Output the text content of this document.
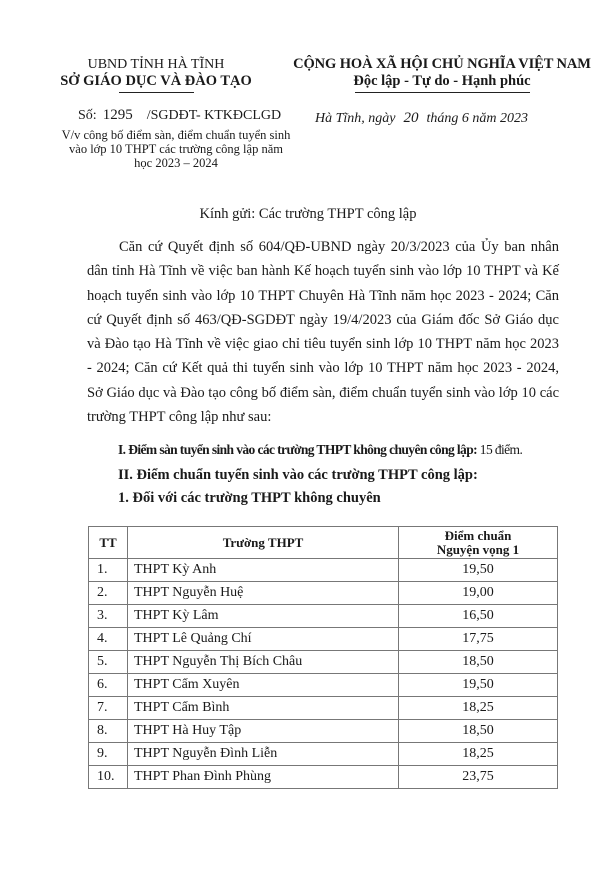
UBND TỈNH HÀ TĨNH
SỞ GIÁO DỤC VÀ ĐÀO TẠO
Số: 1295 /SGDĐT- KTKĐCLGD
V/v công bố điểm sàn, điểm chuẩn tuyển sinh vào lớp 10 THPT các trường công lập năm học 2023 – 2024
CỘNG HOÀ XÃ HỘI CHỦ NGHĨA VIỆT NAM
Độc lập - Tự do - Hạnh phúc
Hà Tĩnh, ngày 20 tháng 6 năm 2023
Kính gửi: Các trường THPT công lập
Căn cứ Quyết định số 604/QĐ-UBND ngày 20/3/2023 của Ủy ban nhân dân tỉnh Hà Tĩnh về việc ban hành Kế hoạch tuyển sinh vào lớp 10 THPT và Kế hoạch tuyển sinh vào lớp 10 THPT Chuyên Hà Tĩnh năm học 2023 - 2024; Căn cứ Quyết định số 463/QĐ-SGDĐT ngày 19/4/2023 của Giám đốc Sở Giáo dục và Đào tạo Hà Tĩnh về việc giao chỉ tiêu tuyển sinh lớp 10 THPT năm học 2023 - 2024; Căn cứ Kết quả thi tuyển sinh vào lớp 10 THPT năm học 2023 - 2024, Sở Giáo dục và Đào tạo công bố điểm sàn, điểm chuẩn tuyển sinh vào lớp 10 các trường THPT công lập như sau:
I. Điểm sàn tuyển sinh vào các trường THPT không chuyên công lập: 15 điểm.
II. Điểm chuẩn tuyển sinh vào các trường THPT công lập:
1. Đối với các trường THPT không chuyên
TT	Trường THPT	Điểm chuẩn
Nguyện vọng 1

1.	THPT Kỳ Anh	19,50
2.	THPT Nguyễn Huệ	19,00
3.	THPT Kỳ Lâm	16,50
4.	THPT Lê Quảng Chí	17,75
5.	THPT Nguyễn Thị Bích Châu	18,50
6.	THPT Cẩm Xuyên	19,50
7.	THPT Cẩm Bình	18,25
8.	THPT Hà Huy Tập	18,50
9.	THPT Nguyễn Đình Liễn	18,25
10.	THPT Phan Đình Phùng	23,75
